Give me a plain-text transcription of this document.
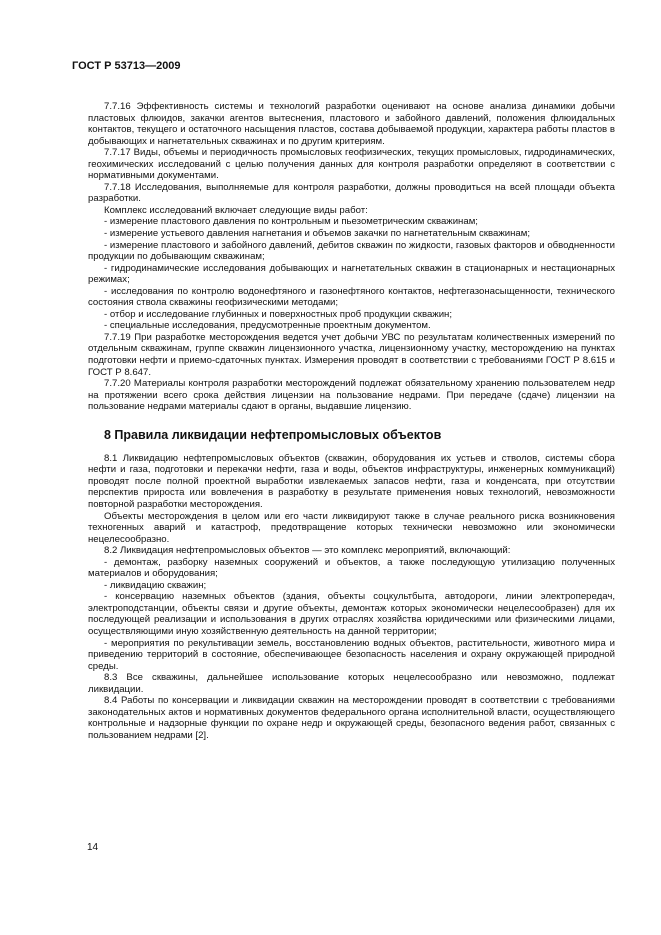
ГОСТ Р 53713—2009

7.7.16 Эффективность системы и технологий разработки оценивают на основе анализа динамики добычи пластовых флюидов, закачки агентов вытеснения, пластового и забойного давлений, положения флюидальных контактов, текущего и остаточного насыщения пластов, состава добываемой продукции, характера работы пластов в добывающих и нагнетательных скважинах и по другим критериям.

7.7.17 Виды, объемы и периодичность промысловых геофизических, текущих промысловых, гидродинамических, геохимических исследований с целью получения данных для контроля разработки определяют в соответствии с нормативными документами.

7.7.18 Исследования, выполняемые для контроля разработки, должны проводиться на всей площади объекта разработки.

Комплекс исследований включает следующие виды работ:

- измерение пластового давления по контрольным и пьезометрическим скважинам;

- измерение устьевого давления нагнетания и объемов закачки по нагнетательным скважинам;

- измерение пластового и забойного давлений, дебитов скважин по жидкости, газовых факторов и обводненности продукции по добывающим скважинам;

- гидродинамические исследования добывающих и нагнетательных скважин в стационарных и нестационарных режимах;

- исследования по контролю водонефтяного и газонефтяного контактов, нефтегазонасыщенности, технического состояния ствола скважины геофизическими методами;

- отбор и исследование глубинных и поверхностных проб продукции скважин;

- специальные исследования, предусмотренные проектным документом.

7.7.19 При разработке месторождения ведется учет добычи УВС по результатам количественных измерений по отдельным скважинам, группе скважин лицензионного участка, лицензионному участку, месторождению на пунктах подготовки нефти и приемо-сдаточных пунктах. Измерения проводят в соответствии с требованиями ГОСТ Р 8.615 и ГОСТ Р 8.647.

7.7.20 Материалы контроля разработки месторождений подлежат обязательному хранению пользователем недр на протяжении всего срока действия лицензии на пользование недрами. При передаче (сдаче) лицензии на пользование недрами материалы сдают в органы, выдавшие лицензию.

8 Правила ликвидации нефтепромысловых объектов

8.1 Ликвидацию нефтепромысловых объектов (скважин, оборудования их устьев и стволов, системы сбора нефти и газа, подготовки и перекачки нефти, газа и воды, объектов инфраструктуры, инженерных коммуникаций) проводят после полной проектной выработки извлекаемых запасов нефти, газа и конденсата, при отсутствии перспектив прироста или вовлечения в разработку в результате применения новых технологий, невозможности повторной разработки месторождения.

Объекты месторождения в целом или его части ликвидируют также в случае реального риска возникновения техногенных аварий и катастроф, предотвращение которых технически невозможно или экономически нецелесообразно.

8.2 Ликвидация нефтепромысловых объектов — это комплекс мероприятий, включающий:

- демонтаж, разборку наземных сооружений и объектов, а также последующую утилизацию полученных материалов и оборудования;

- ликвидацию скважин;

- консервацию наземных объектов (здания, объекты соцкультбыта, автодороги, линии электропередач, электроподстанции, объекты связи и другие объекты, демонтаж которых экономически нецелесообразен) для их последующей реализации и использования в других отраслях хозяйства юридическими или физическими лицами, осуществляющими иную хозяйственную деятельность на данной территории;

- мероприятия по рекультивации земель, восстановлению водных объектов, растительности, животного мира и приведению территорий в состояние, обеспечивающее безопасность населения и охрану окружающей природной среды.

8.3 Все скважины, дальнейшее использование которых нецелесообразно или невозможно, подлежат ликвидации.

8.4 Работы по консервации и ликвидации скважин на месторождении проводят в соответствии с требованиями законодательных актов и нормативных документов федерального органа исполнительной власти, осуществляющего контрольные и надзорные функции по охране недр и окружающей среды, безопасного ведения работ, связанных с пользованием недрами [2].

14
